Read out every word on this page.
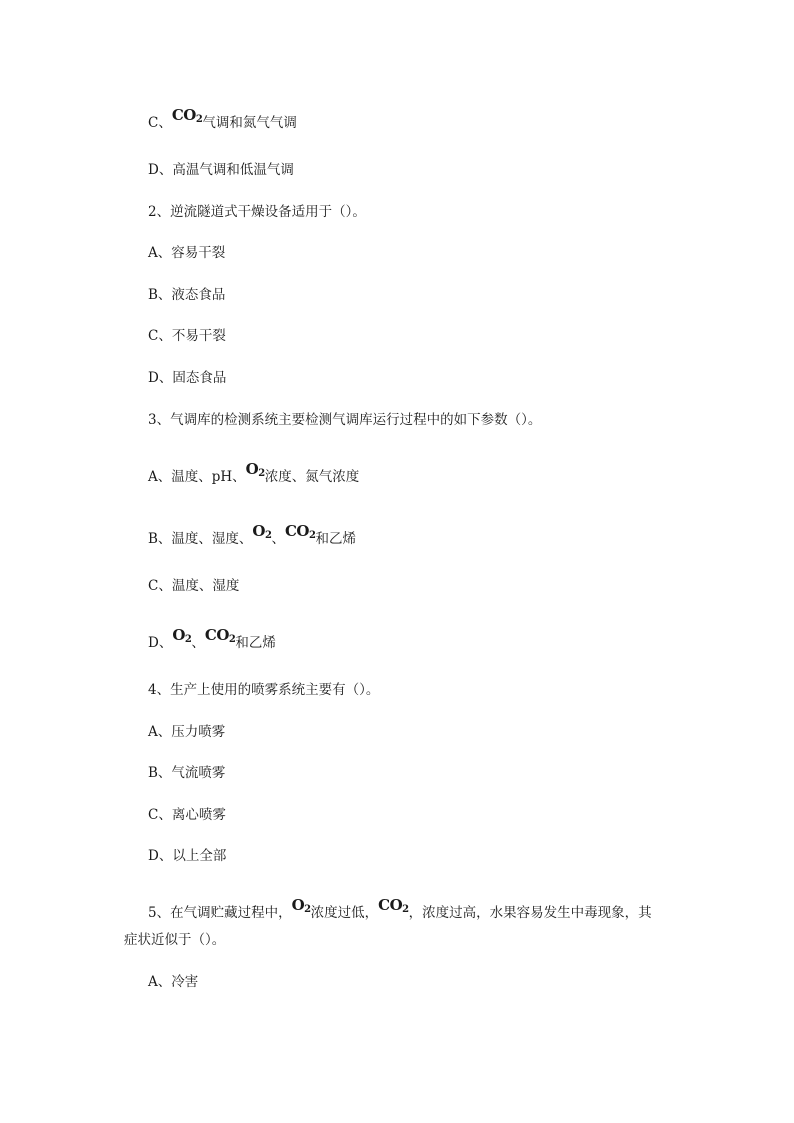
C、$CO_2$气调和氮气气调
D、高温气调和低温气调
2、逆流隧道式干燥设备适用于（）。
A、容易干裂
B、液态食品
C、不易干裂
D、固态食品
3、气调库的检测系统主要检测气调库运行过程中的如下参数（）。
A、温度、pH、$O_2$浓度、氮气浓度
B、温度、湿度、$O_2$、$CO_2$和乙烯
C、温度、湿度
D、$O_2$、$CO_2$和乙烯
4、生产上使用的喷雾系统主要有（）。
A、压力喷雾
B、气流喷雾
C、离心喷雾
D、以上全部
5、在气调贮藏过程中，$O_2$浓度过低，$CO_2$，浓度过高，水果容易发生中毒现象，其
症状近似于（）。
A、冷害
